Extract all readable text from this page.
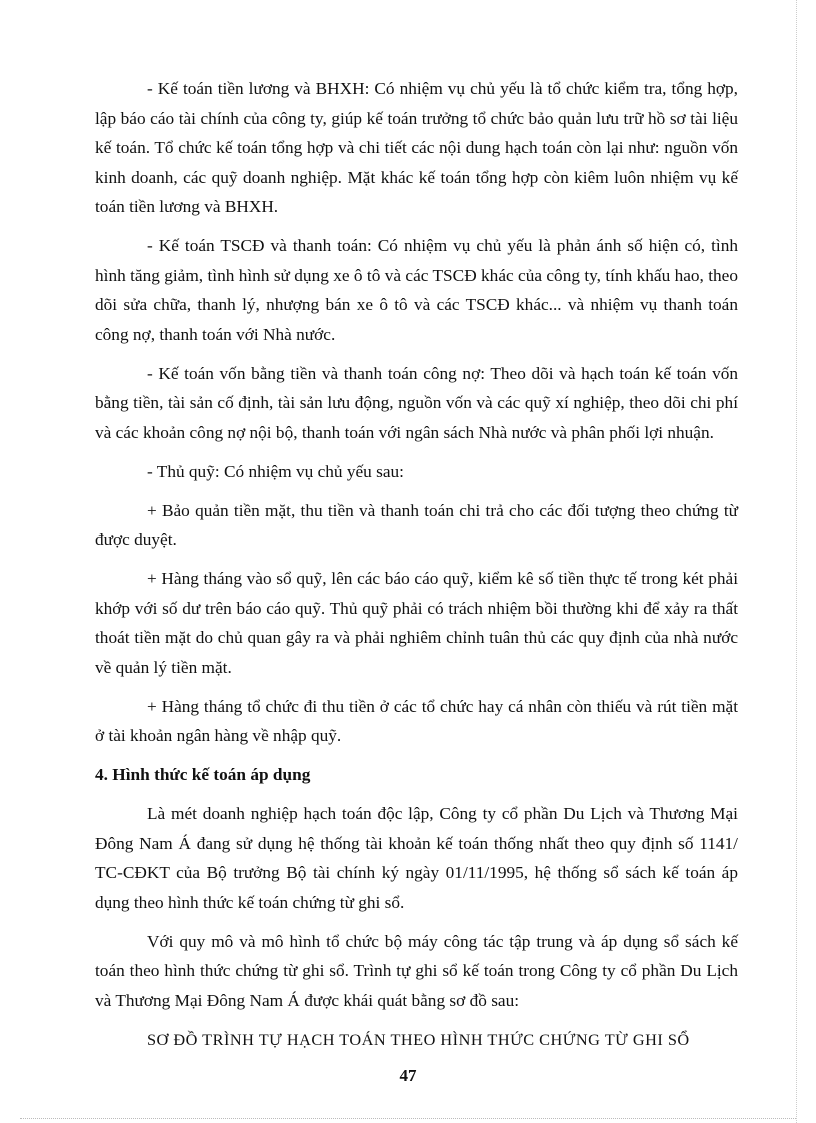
- Kế toán tiền lương và BHXH: Có nhiệm vụ chủ yếu là tổ chức kiểm tra, tổng hợp, lập báo cáo tài chính của công ty, giúp kế toán trưởng tổ chức bảo quản lưu trữ hồ sơ tài liệu kế toán. Tổ chức kế toán tổng hợp và chi tiết các nội dung hạch toán còn lại như: nguồn vốn kinh doanh, các quỹ doanh nghiệp. Mặt khác kế toán tổng hợp còn kiêm luôn nhiệm vụ kế toán tiền lương và BHXH.

- Kế toán TSCĐ và thanh toán: Có nhiệm vụ chủ yếu là phản ánh số hiện có, tình hình tăng giảm, tình hình sử dụng xe ô tô và các TSCĐ khác của công ty, tính khấu hao, theo dõi sửa chữa, thanh lý, nhượng bán xe ô tô và các TSCĐ khác... và nhiệm vụ thanh toán công nợ, thanh toán với Nhà nước.

- Kế toán vốn bằng tiền và thanh toán công nợ: Theo dõi và hạch toán kế toán vốn bằng tiền, tài sản cố định, tài sản lưu động, nguồn vốn và các quỹ xí nghiệp, theo dõi chi phí và các khoản công nợ nội bộ, thanh toán với ngân sách Nhà nước và phân phối lợi nhuận.

- Thủ quỹ: Có nhiệm vụ chủ yếu sau:

+ Bảo quản tiền mặt, thu tiền và thanh toán chi trả cho các đối tượng theo chứng từ được duyệt.

+ Hàng tháng vào sổ quỹ, lên các báo cáo quỹ, kiểm kê số tiền thực tế trong két phải khớp với số dư trên báo cáo quỹ. Thủ quỹ phải có trách nhiệm bồi thường khi để xảy ra thất thoát tiền mặt do chủ quan gây ra và phải nghiêm chỉnh tuân thủ các quy định của nhà nước về quản lý tiền mặt.

+ Hàng tháng tổ chức đi thu tiền ở các tổ chức hay cá nhân còn thiếu và rút tiền mặt ở tài khoản ngân hàng về nhập quỹ.

4. Hình thức kế toán áp dụng

Là mét doanh nghiệp hạch toán độc lập, Công ty cổ phần Du Lịch và Thương Mại Đông Nam Á đang sử dụng hệ thống tài khoản kế toán thống nhất theo quy định số 1141/ TC-CĐKT của Bộ trưởng Bộ tài chính ký ngày 01/11/1995, hệ thống sổ sách kế toán áp dụng theo hình thức kế toán chứng từ ghi sổ.

Với quy mô và mô hình tổ chức bộ máy công tác tập trung và áp dụng sổ sách kế toán theo hình thức chứng từ ghi sổ. Trình tự ghi sổ kế toán trong Công ty cổ phần Du Lịch và Thương Mại Đông Nam Á được khái quát bằng sơ đồ sau:

SƠ ĐỒ TRÌNH TỰ HẠCH TOÁN THEO HÌNH THỨC CHỨNG TỪ GHI SỔ

47
